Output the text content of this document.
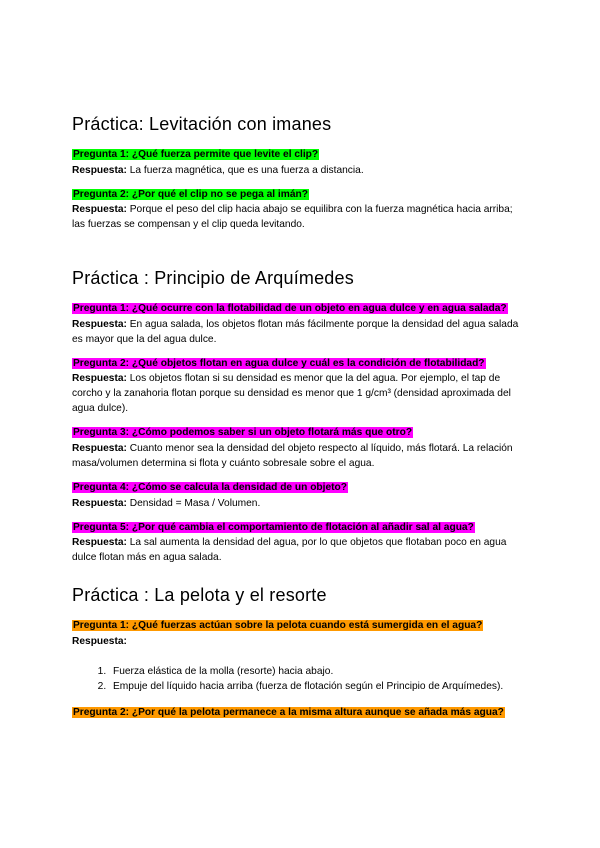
Práctica: Levitación con imanes

Pregunta 1: ¿Qué fuerza permite que levite el clip?

Respuesta: La fuerza magnética, que es una fuerza a distancia.

Pregunta 2: ¿Por qué el clip no se pega al imán?

Respuesta: Porque el peso del clip hacia abajo se equilibra con la fuerza magnética hacia arriba; las fuerzas se compensan y el clip queda levitando.

Práctica : Principio de Arquímedes

Pregunta 1: ¿Qué ocurre con la flotabilidad de un objeto en agua dulce y en agua salada?

Respuesta: En agua salada, los objetos flotan más fácilmente porque la densidad del agua salada es mayor que la del agua dulce.

Pregunta 2: ¿Qué objetos flotan en agua dulce y cuál es la condición de flotabilidad?

Respuesta: Los objetos flotan si su densidad es menor que la del agua. Por ejemplo, el tap de corcho y la zanahoria flotan porque su densidad es menor que 1 g/cm³ (densidad aproximada del agua dulce).

Pregunta 3: ¿Cómo podemos saber si un objeto flotará más que otro?

Respuesta: Cuanto menor sea la densidad del objeto respecto al líquido, más flotará. La relación masa/volumen determina si flota y cuánto sobresale sobre el agua.

Pregunta 4: ¿Cómo se calcula la densidad de un objeto?

Respuesta: Densidad = Masa / Volumen.

Pregunta 5: ¿Por qué cambia el comportamiento de flotación al añadir sal al agua?

Respuesta: La sal aumenta la densidad del agua, por lo que objetos que flotaban poco en agua dulce flotan más en agua salada.

Práctica : La pelota y el resorte

Pregunta 1: ¿Qué fuerzas actúan sobre la pelota cuando está sumergida en el agua?

Respuesta:

1. Fuerza elástica de la molla (resorte) hacia abajo.
2. Empuje del líquido hacia arriba (fuerza de flotación según el Principio de Arquímedes).

Pregunta 2: ¿Por qué la pelota permanece a la misma altura aunque se añada más agua?
